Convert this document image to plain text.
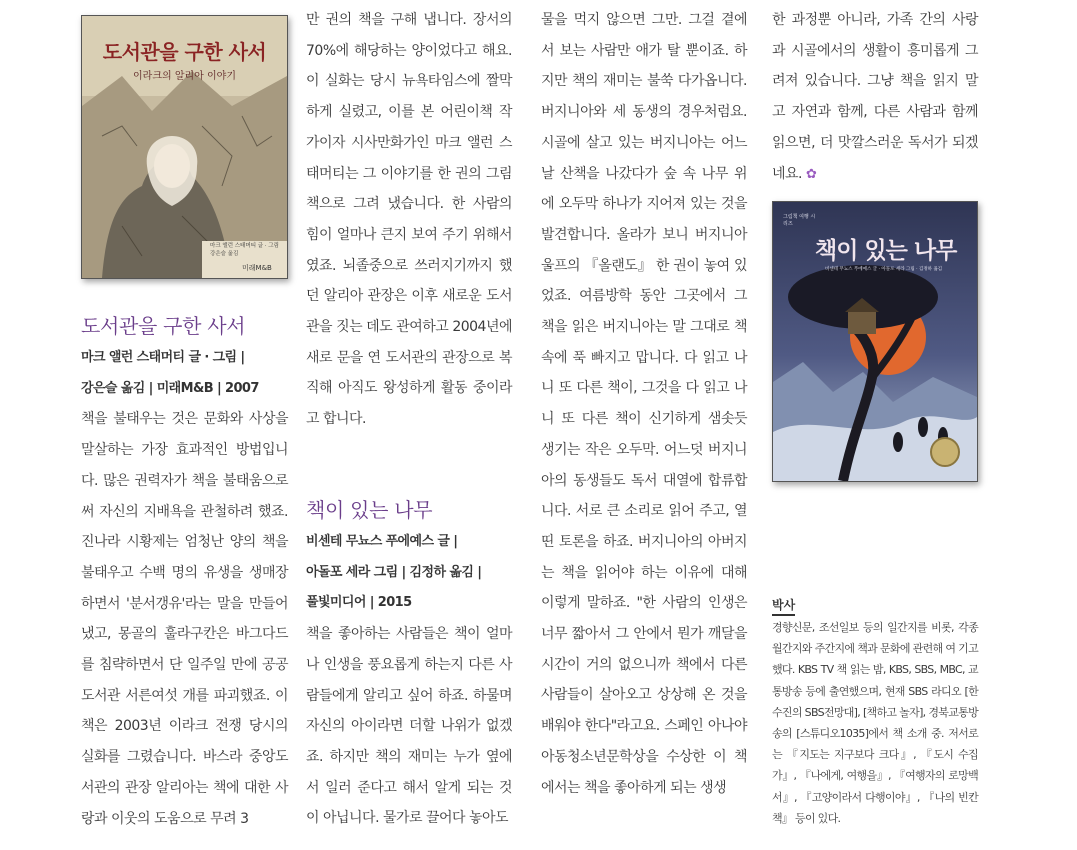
도서관을 구한 사서
이라크의 알리아 이야기
마크 앨런 스태머티 글 · 그림
강은슬 옮김
미래M&B
그림책 여행 시리즈
책이 있는 나무
비센테 무뇨스 푸에예스 글 · 아돌포 세라 그림 · 김정하 옮김
도서관을 구한 사서

마크 앨런 스태머티 글 · 그림 |

강은슬 옮김 | 미래M&B | 2007

책을 불태우는 것은 문화와 사상을 말살하는 가장 효과적인 방법입니다. 많은 권력자가 책을 불태움으로써 자신의 지배욕을 관철하려 했죠. 진나라 시황제는 엄청난 양의 책을 불태우고 수백 명의 유생을 생매장하면서 '분서갱유'라는 말을 만들어냈고, 몽골의 훌라구칸은 바그다드를 침략하면서 단 일주일 만에 공공도서관 서른여섯 개를 파괴했죠. 이 책은 2003년 이라크 전쟁 당시의 실화를 그렸습니다. 바스라 중앙도서관의 관장 알리아는 책에 대한 사랑과 이웃의 도움으로 무려 3

만 권의 책을 구해 냅니다. 장서의 70%에 해당하는 양이었다고 해요. 이 실화는 당시 뉴욕타임스에 짤막하게 실렸고, 이를 본 어린이책 작가이자 시사만화가인 마크 앨런 스태머티는 그 이야기를 한 권의 그림책으로 그려 냈습니다. 한 사람의 힘이 얼마나 큰지 보여 주기 위해서였죠. 뇌졸중으로 쓰러지기까지 했던 알리아 관장은 이후 새로운 도서관을 짓는 데도 관여하고 2004년에 새로 문을 연 도서관의 관장으로 복직해 아직도 왕성하게 활동 중이라고 합니다.

책이 있는 나무

비센테 무뇨스 푸에예스 글 |

아돌포 세라 그림 | 김정하 옮김 |

풀빛미디어 | 2015

책을 좋아하는 사람들은 책이 얼마나 인생을 풍요롭게 하는지 다른 사람들에게 알리고 싶어 하죠. 하물며 자신의 아이라면 더할 나위가 없겠죠. 하지만 책의 재미는 누가 옆에서 일러 준다고 해서 알게 되는 것이 아닙니다. 물가로 끌어다 놓아도

물을 먹지 않으면 그만. 그걸 곁에서 보는 사람만 애가 탈 뿐이죠. 하지만 책의 재미는 불쑥 다가옵니다. 버지니아와 세 동생의 경우처럼요. 시골에 살고 있는 버지니아는 어느 날 산책을 나갔다가 숲 속 나무 위에 오두막 하나가 지어져 있는 것을 발견합니다. 올라가 보니 버지니아 울프의 『올랜도』 한 권이 놓여 있었죠. 여름방학 동안 그곳에서 그 책을 읽은 버지니아는 말 그대로 책 속에 푹 빠지고 맙니다. 다 읽고 나니 또 다른 책이, 그것을 다 읽고 나니 또 다른 책이 신기하게 샘솟듯 생기는 작은 오두막. 어느덧 버지니아의 동생들도 독서 대열에 합류합니다. 서로 큰 소리로 읽어 주고, 열띤 토론을 하죠. 버지니아의 아버지는 책을 읽어야 하는 이유에 대해 이렇게 말하죠. "한 사람의 인생은 너무 짧아서 그 안에서 뭔가 깨달을 시간이 거의 없으니까 책에서 다른 사람들이 살아오고 상상해 온 것을 배워야 한다"라고요. 스페인 아나야 아동청소년문학상을 수상한 이 책에서는 책을 좋아하게 되는 생생

한 과정뿐 아니라, 가족 간의 사랑과 시골에서의 생활이 흥미롭게 그려져 있습니다. 그냥 책을 읽지 말고 자연과 함께, 다른 사람과 함께 읽으면, 더 맛깔스러운 독서가 되겠네요. ✿

박사

경향신문, 조선일보 등의 일간지를 비롯, 각종 월간지와 주간지에 책과 문화에 관련해 여 기고했다. KBS TV 책 읽는 밤, KBS, SBS, MBC, 교통방송 등에 출연했으며, 현재 SBS 라디오 [한수진의 SBS전망대], [책하고 놀자], 경북교통방송의 [스튜디오1035]에서 책 소개 중. 저서로는 『지도는 지구보다 크다』, 『도시 수집가』, 『나에게, 여행을』, 『여행자의 로망백서』, 『고양이라서 다행이야』, 『나의 빈칸 책』 등이 있다.
